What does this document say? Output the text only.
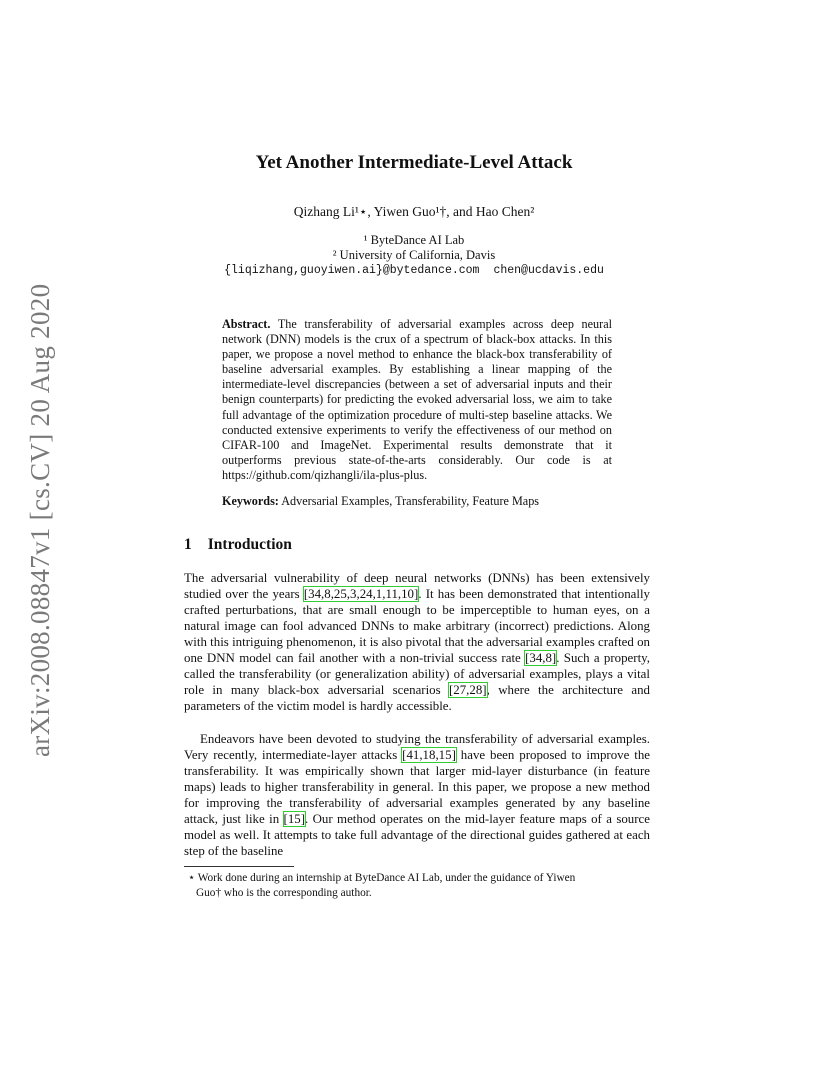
arXiv:2008.08847v1 [cs.CV] 20 Aug 2020
Yet Another Intermediate-Level Attack
Qizhang Li¹⋆, Yiwen Guo¹†, and Hao Chen²
¹ ByteDance AI Lab
² University of California, Davis
{liqizhang,guoyiwen.ai}@bytedance.com chen@ucdavis.edu
Abstract. The transferability of adversarial examples across deep neural network (DNN) models is the crux of a spectrum of black-box attacks. In this paper, we propose a novel method to enhance the black-box transferability of baseline adversarial examples. By establishing a linear mapping of the intermediate-level discrepancies (between a set of adversarial inputs and their benign counterparts) for predicting the evoked adversarial loss, we aim to take full advantage of the optimization procedure of multi-step baseline attacks. We conducted extensive experiments to verify the effectiveness of our method on CIFAR-100 and ImageNet. Experimental results demonstrate that it outperforms previous state-of-the-arts considerably. Our code is at https://github.com/qizhangli/ila-plus-plus.
Keywords: Adversarial Examples, Transferability, Feature Maps
1 Introduction
The adversarial vulnerability of deep neural networks (DNNs) has been extensively studied over the years [34,8,25,3,24,1,11,10]. It has been demonstrated that intentionally crafted perturbations, that are small enough to be imperceptible to human eyes, on a natural image can fool advanced DNNs to make arbitrary (incorrect) predictions. Along with this intriguing phenomenon, it is also pivotal that the adversarial examples crafted on one DNN model can fail another with a non-trivial success rate [34,8]. Such a property, called the transferability (or generalization ability) of adversarial examples, plays a vital role in many black-box adversarial scenarios [27,28], where the architecture and parameters of the victim model is hardly accessible.
Endeavors have been devoted to studying the transferability of adversarial examples. Very recently, intermediate-layer attacks [41,18,15] have been proposed to improve the transferability. It was empirically shown that larger mid-layer disturbance (in feature maps) leads to higher transferability in general. In this paper, we propose a new method for improving the transferability of adversarial examples generated by any baseline attack, just like in [15]. Our method operates on the mid-layer feature maps of a source model as well. It attempts to take full advantage of the directional guides gathered at each step of the baseline
⋆ Work done during an internship at ByteDance AI Lab, under the guidance of Yiwen
Guo† who is the corresponding author.
